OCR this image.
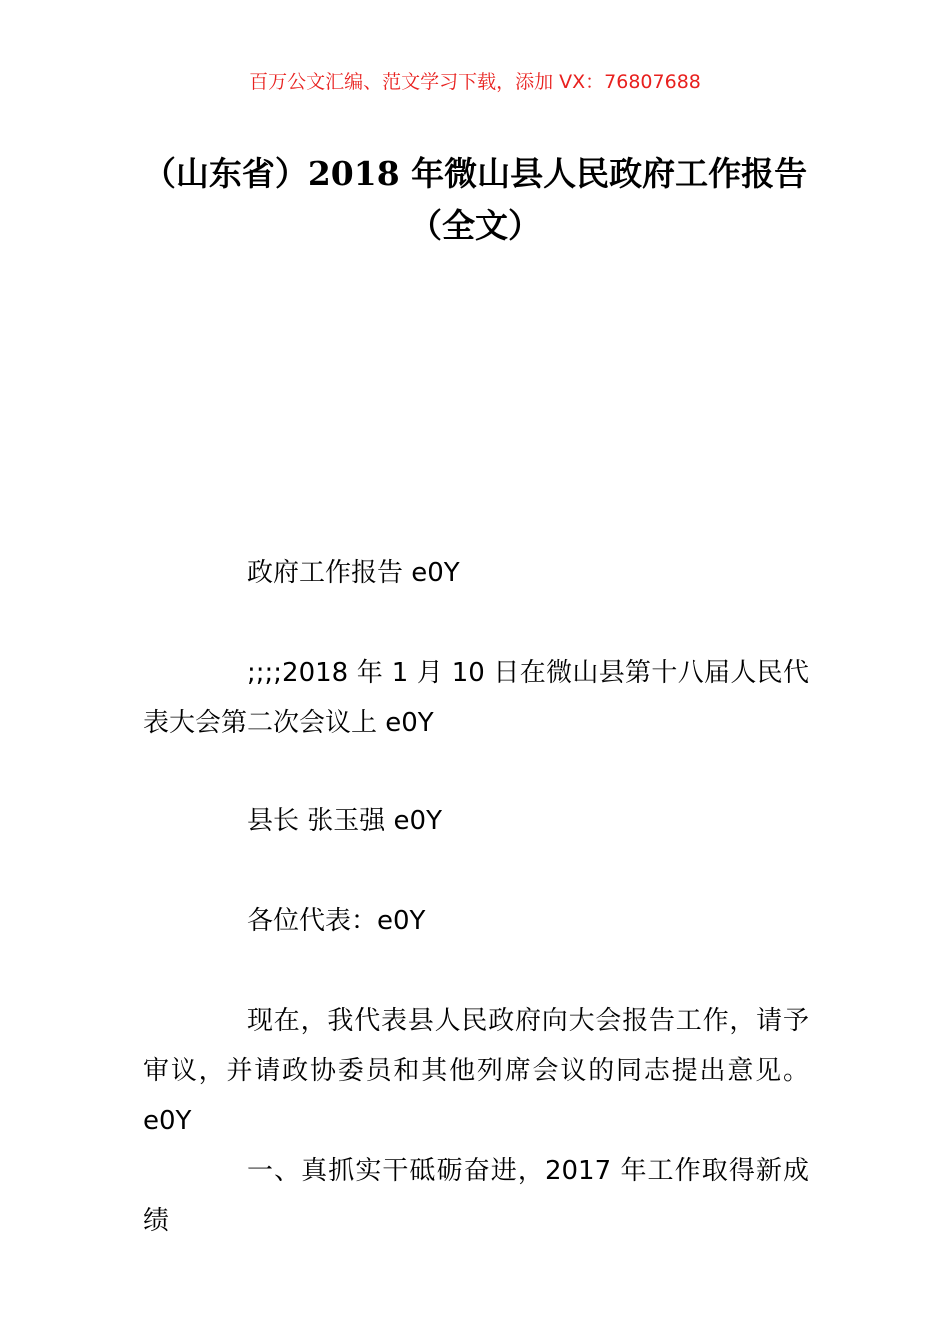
百万公文汇编、范文学习下载，添加 VX：76807688
（山东省）2018 年微山县人民政府工作报告（全文）
政府工作报告 e0Y
;;;;2018 年 1 月 10 日在微山县第十八届人民代表大会第二次会议上 e0Y
县长 张玉强 e0Y
各位代表：e0Y
现在，我代表县人民政府向大会报告工作，请予审议，并请政协委员和其他列席会议的同志提出意见。e0Y
一、真抓实干砥砺奋进，2017 年工作取得新成绩
